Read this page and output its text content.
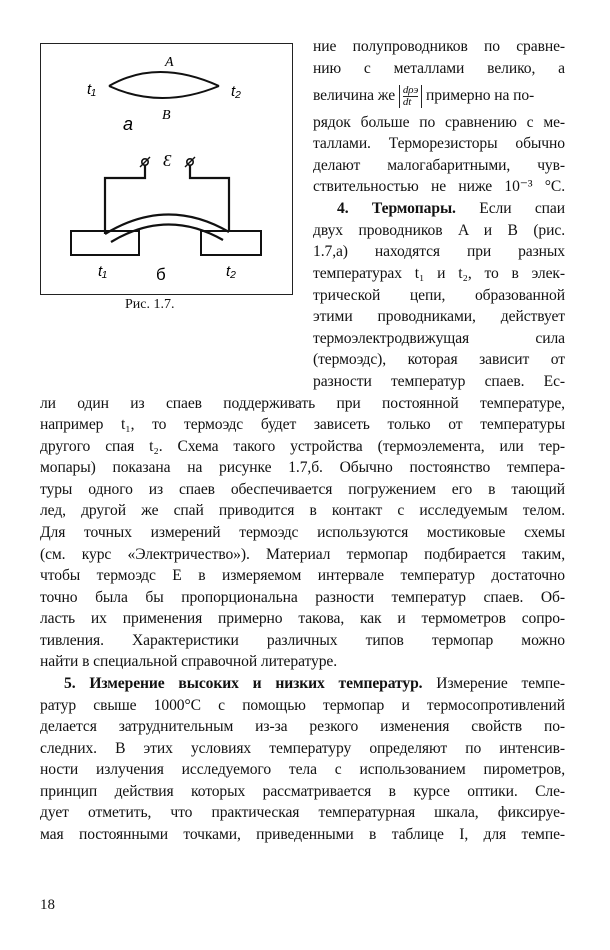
A
B
t₁	t₂
а
Ɛ
t₁	t₂
б
Рис. 1.7.
ние полупроводников по сравне-
нию с металлами велико, а
величина же $\frac{\text{dρэ}}{dt}$ примерно на по-
рядок больше по сравнению с ме-
таллами. Терморезисторы обычно
делают малогабаритными, чув-
ствительностью не ниже 10⁻³ °C.
4. Термопары. Если спаи
двух проводников A и B (рис.
1.7,а) находятся при разных
температурах t₁ и t₂, то в элек-
трической цепи, образованной
этими проводниками, действует
термоэлектродвижущая сила
(термоэдс), которая зависит от
разности температур спаев. Ес-
ли один из спаев поддерживать при постоянной температуре,
например t₁, то термоэдс будет зависеть только от температуры
другого спая t₂. Схема такого устройства (термоэлемента, или тер-
мопары) показана на рисунке 1.7,б. Обычно постоянство темпера-
туры одного из спаев обеспечивается погружением его в тающий
лед, другой же спай приводится в контакт с исследуемым телом.
Для точных измерений термоэдс используются мостиковые схемы
(см. курс «Электричество»). Материал термопар подбирается таким,
чтобы термоэдс E в измеряемом интервале температур достаточно
точно была бы пропорциональна разности температур спаев. Об-
ласть их применения примерно такова, как и термометров сопро-
тивления. Характеристики различных типов термопар можно
найти в специальной справочной литературе.
5. Измерение высоких и низких температур. Измерение темпе-
ратур свыше 1000°C с помощью термопар и термосопротивлений
делается затруднительным из-за резкого изменения свойств по-
следних. В этих условиях температуру определяют по интенсив-
ности излучения исследуемого тела с использованием пирометров,
принцип действия которых рассматривается в курсе оптики. Сле-
дует отметить, что практическая температурная шкала, фиксируе-
мая постоянными точками, приведенными в таблице I, для темпе-
18
